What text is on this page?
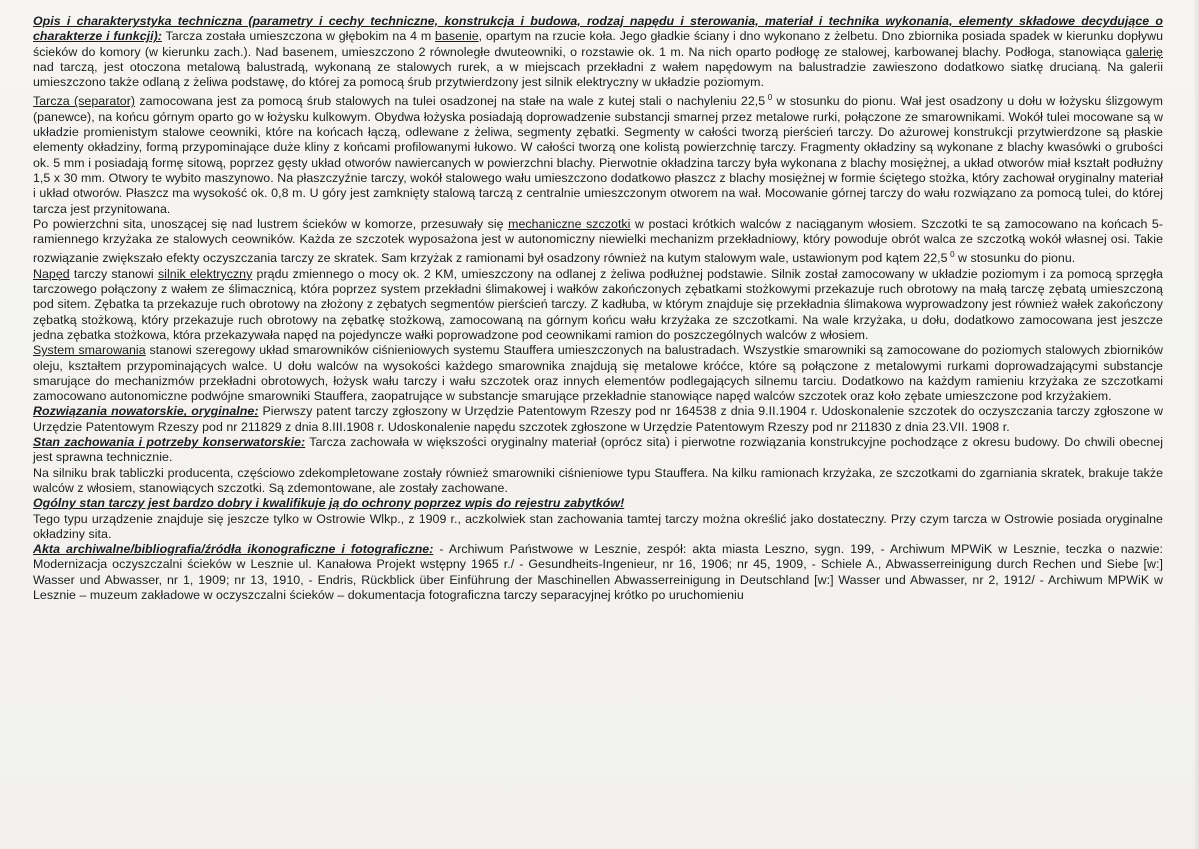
Opis i charakterystyka techniczna (parametry i cechy techniczne, konstrukcja i budowa, rodzaj napędu i sterowania, materiał i technika wykonania, elementy składowe decydujące o charakterze i funkcji): Tarcza została umieszczona w głębokim na 4 m basenie, opartym na rzucie koła. Jego gładkie ściany i dno wykonano z żelbetu. Dno zbiornika posiada spadek w kierunku dopływu ścieków do komory (w kierunku zach.). Nad basenem, umieszczono 2 równoległe dwuteowniki, o rozstawie ok. 1 m. Na nich oparto podłogę ze stalowej, karbowanej blachy. Podłoga, stanowiąca galerię nad tarczą, jest otoczona metalową balustradą, wykonaną ze stalowych rurek, a w miejscach przekładni z wałem napędowym na balustradzie zawieszono dodatkowo siatkę drucianą. Na galerii umieszczono także odlaną z żeliwa podstawę, do której za pomocą śrub przytwierdzony jest silnik elektryczny w układzie poziomym.

Tarcza (separator) zamocowana jest za pomocą śrub stalowych na tulei osadzonej na stałe na wale z kutej stali o nachyleniu 22,5  $^0$ w stosunku do pionu. Wał jest osadzony u dołu w łożysku ślizgowym (panewce), na końcu górnym oparto go w łożysku kulkowym. Obydwa łożyska posiadają doprowadzenie substancji smarnej przez metalowe rurki, połączone ze smarownikami. Wokół tulei mocowane są w układzie promienistym stalowe ceowniki, które na końcach łączą, odlewane z żeliwa, segmenty zębatki. Segmenty w całości tworzą pierścień tarczy. Do ażurowej konstrukcji przytwierdzone są płaskie elementy okładziny, formą przypominające duże kliny z końcami profilowanymi łukowo. W całości tworzą one kolistą powierzchnię tarczy. Fragmenty okładziny są wykonane z blachy kwasówki o grubości ok. 5 mm i posiadają formę sitową, poprzez gęsty układ otworów nawiercanych w powierzchni blachy. Pierwotnie okładzina tarczy była wykonana z blachy mosiężnej, a układ otworów miał kształt podłużny 1,5 x 30 mm. Otwory te wybito maszynowo. Na płaszczyźnie tarczy, wokół stalowego wału umieszczono dodatkowo płaszcz z blachy mosiężnej w formie ściętego stożka, który zachował oryginalny materiał i układ otworów. Płaszcz ma wysokość ok. 0,8 m. U góry jest zamknięty stalową tarczą z centralnie umieszczonym otworem na wał. Mocowanie górnej tarczy do wału rozwiązano za pomocą tulei, do której tarcza jest przynitowana.

Po powierzchni sita, unoszącej się nad lustrem ścieków w komorze, przesuwały się mechaniczne szczotki w postaci krótkich walców z naciąganym włosiem. Szczotki te są zamocowano na końcach 5-ramiennego krzyżaka ze stalowych ceowników. Każda ze szczotek wyposażona jest w autonomiczny niewielki mechanizm przekładniowy, który powoduje obrót walca ze szczotką wokół własnej osi. Takie rozwiązanie zwiększało efekty oczyszczania tarczy ze skratek. Sam krzyżak z ramionami był osadzony również na kutym stalowym wale, ustawionym pod kątem 22,5  $^0$ w stosunku do pionu.

Napęd tarczy stanowi silnik elektryczny prądu zmiennego o mocy ok. 2 KM, umieszczony na odlanej z żeliwa podłużnej podstawie. Silnik został zamocowany w układzie poziomym i za pomocą sprzęgła tarczowego połączony z wałem ze ślimacznicą, która poprzez system przekładni ślimakowej i wałków zakończonych zębatkami stożkowymi przekazuje ruch obrotowy na małą tarczę zębatą umieszczoną pod sitem. Zębatka ta przekazuje ruch obrotowy na złożony z zębatych segmentów pierścień tarczy. Z kadłuba, w którym znajduje się przekładnia ślimakowa wyprowadzony jest również wałek zakończony zębatką stożkową, który przekazuje ruch obrotowy na zębatkę stożkową, zamocowaną na górnym końcu wału krzyżaka ze szczotkami. Na wale krzyżaka, u dołu, dodatkowo zamocowana jest jeszcze jedna zębatka stożkowa, która przekazywała napęd na pojedyncze wałki poprowadzone pod ceownikami ramion do poszczególnych walców z włosiem.

System smarowania stanowi szeregowy układ smarowników ciśnieniowych systemu Stauffera umieszczonych na balustradach. Wszystkie smarowniki są zamocowane do poziomych stalowych zbiorników oleju, kształtem przypominających walce. U dołu walców na wysokości każdego smarownika znajdują się metalowe króćce, które są połączone z metalowymi rurkami doprowadzającymi substancje smarujące do mechanizmów przekładni obrotowych, łożysk wału tarczy i wału szczotek oraz innych elementów podlegających silnemu tarciu. Dodatkowo na każdym ramieniu krzyżaka ze szczotkami zamocowano autonomiczne podwójne smarowniki Stauffera, zaopatrujące w substancje smarujące przekładnie stanowiące napęd walców szczotek oraz koło zębate umieszczone pod krzyżakiem.

Rozwiązania nowatorskie, oryginalne: Pierwszy patent tarczy zgłoszony w Urzędzie Patentowym Rzeszy pod nr 164538 z dnia 9.II.1904 r. Udoskonalenie szczotek do oczyszczania tarczy zgłoszone w Urzędzie Patentowym Rzeszy pod nr 211829 z dnia 8.III.1908 r. Udoskonalenie napędu szczotek zgłoszone w Urzędzie Patentowym Rzeszy pod nr 211830 z dnia 23.VII. 1908 r.

Stan zachowania i potrzeby konserwatorskie: Tarcza zachowała w większości oryginalny materiał (oprócz sita) i pierwotne rozwiązania konstrukcyjne pochodzące z okresu budowy. Do chwili obecnej jest sprawna technicznie.

Na silniku brak tabliczki producenta, częściowo zdekompletowane zostały również smarowniki ciśnieniowe typu Stauffera. Na kilku ramionach krzyżaka, ze szczotkami do zgarniania skratek, brakuje także walców z włosiem, stanowiących szczotki. Są zdemontowane, ale zostały zachowane.

Ogólny stan tarczy jest bardzo dobry i kwalifikuje ją do ochrony poprzez wpis do rejestru zabytków!

Tego typu urządzenie znajduje się jeszcze tylko w Ostrowie Wlkp., z 1909 r., aczkolwiek stan zachowania tamtej tarczy można określić jako dostateczny. Przy czym tarcza w Ostrowie posiada oryginalne okładziny sita.

Akta archiwalne/bibliografia/źródła ikonograficzne i fotograficzne: - Archiwum Państwowe w Lesznie, zespół: akta miasta Leszno, sygn. 199, - Archiwum MPWiK w Lesznie, teczka o nazwie: Modernizacja oczyszczalni ścieków w Lesznie ul. Kanałowa Projekt wstępny 1965 r./ - Gesundheits-Ingenieur, nr 16, 1906; nr 45, 1909, - Schiele A., Abwasserreinigung durch Rechen und Siebe [w:] Wasser und Abwasser, nr 1, 1909; nr 13, 1910, - Endris, Rückblick über Einführung der Maschinellen Abwasserreinigung in Deutschland [w:] Wasser und Abwasser, nr 2, 1912/ - Archiwum MPWiK w Lesznie – muzeum zakładowe w oczyszczalni ścieków – dokumentacja fotograficzna tarczy separacyjnej krótko po uruchomieniu
